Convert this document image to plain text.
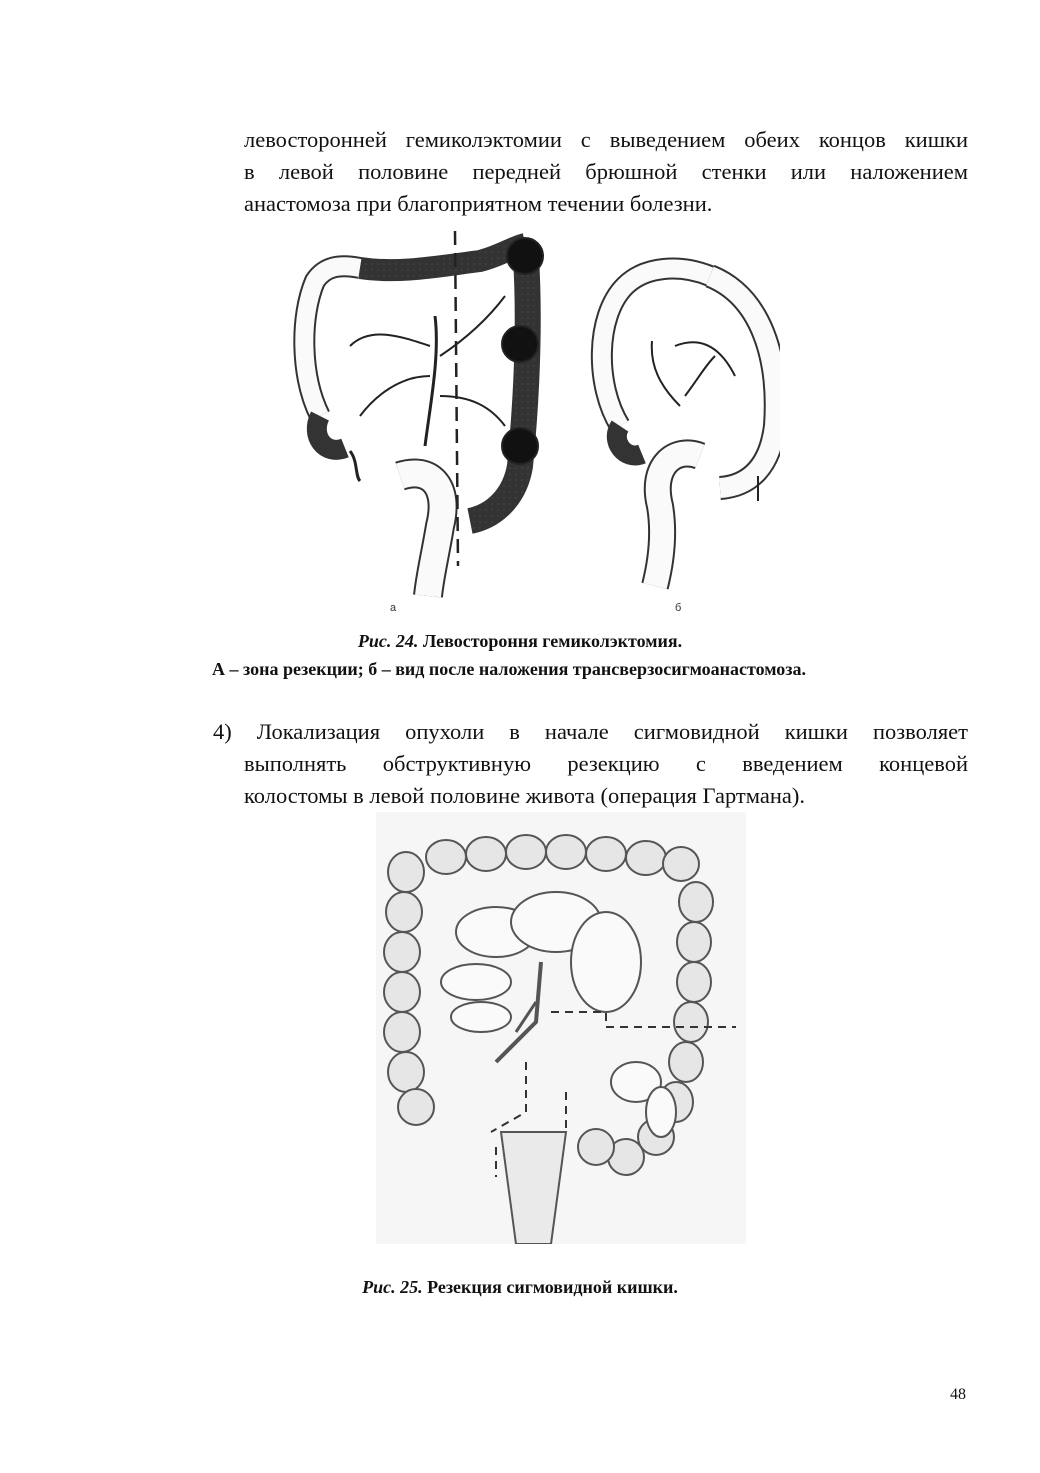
левосторонней гемиколэктомии с выведением обеих концов кишки
в левой половине передней брюшной стенки или наложением
анастомоза при благоприятном течении болезни.
а	б
Рис. 24. Левостороння гемиколэктомия.
А – зона резекции; б – вид после наложения трансверзосигмоанастомоза.
4) Локализация опухоли в начале сигмовидной кишки позволяет
выполнять обструктивную резекцию с введением концевой
колостомы в левой половине живота (операция Гартмана).
Рис. 25. Резекция сигмовидной кишки.
48
